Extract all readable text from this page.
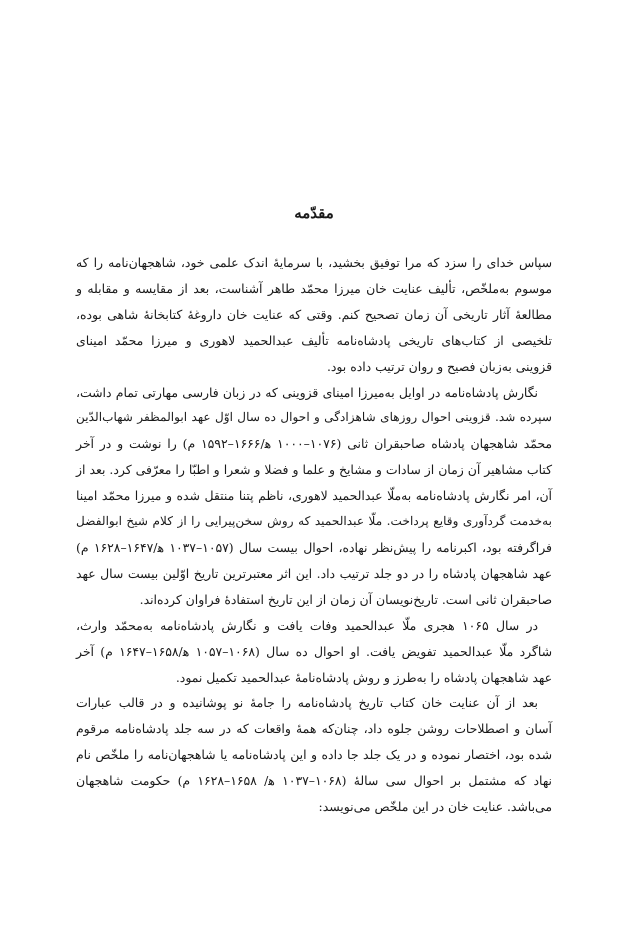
مقدّمه
سپاس خدای را سزد که مرا توفیق بخشید، با سرمایهٔ اندک علمی خود، شاهجهان‌نامه را که
موسوم به‌ملخّص، تألیف عنایت خان میرزا محمّد طاهر آشناست، بعد از مقایسه و مقابله و
مطالعهٔ آثار تاریخی آن زمان تصحیح کنم. وقتی که عنایت خان داروغهٔ کتابخانهٔ شاهی بوده،
تلخیصی از کتاب‌های تاریخی پادشاه‌نامه تألیف عبدالحمید لاهوری و میرزا محمّد امینای
قزوینی به‌زبان فصیح و روان ترتیب داده بود.
نگارش پادشاه‌نامه در اوایل به‌میرزا امینای قزوینی که در زبان فارسی مهارتی تمام داشت،
سپرده شد. قزوینی احوال روزهای شاهزادگی و احوال ده سال اوّل عهد ابوالمظفر شهاب‌الدّین
محمّد شاهجهان پادشاه صاحبقران ثانی (۱۰۷۶–۱۰۰۰ ه‍/۱۶۶۶–۱۵۹۲ م) را نوشت و در آخر
کتاب مشاهیر آن زمان از سادات و مشایخ و علما و فضلا و شعرا و اطبّا را معرّفی کرد. بعد از
آن، امر نگارش پادشاه‌نامه به‌ملّا عبدالحمید لاهوری، ناظم پتنا منتقل شده و میرزا محمّد امینا
به‌خدمت گردآوری وقایع پرداخت. ملّا عبدالحمید که روش سخن‌پیرایی را از کلام شیخ ابوالفضل
فراگرفته بود، اکبرنامه را پیش‌نظر نهاده، احوال بیست سال (۱۰۵۷–۱۰۳۷ ه‍/۱۶۴۷–۱۶۲۸ م)
عهد شاهجهان پادشاه را در دو جلد ترتیب داد. این اثر معتبرترین تاریخ اوّلین بیست سال عهد
صاحبقران ثانی است. تاریخ‌نویسان آن زمان از این تاریخ استفادهٔ فراوان کرده‌اند.
در سال ۱۰۶۵ هجری ملّا عبدالحمید وفات یافت و نگارش پادشاه‌نامه به‌محمّد وارث،
شاگرد ملّا عبدالحمید تفویض یافت. او احوال ده سال (۱۰۶۸–۱۰۵۷ ه‍/۱۶۵۸–۱۶۴۷ م) آخر
عهد شاهجهان پادشاه را به‌طرز و روش پادشاه‌نامهٔ عبدالحمید تکمیل نمود.
بعد از آن عنایت خان کتاب تاریخ پادشاه‌نامه را جامهٔ نو پوشانیده و در قالب عبارات
آسان و اصطلاحات روشن جلوه داد، چنان‌که همهٔ واقعات که در سه جلد پادشاه‌نامه مرقوم
شده بود، اختصار نموده و در یک جلد جا داده و این پادشاه‌نامه یا شاهجهان‌نامه را ملخّص نام
نهاد که مشتمل بر احوال سی سالهٔ (۱۰۶۸–۱۰۳۷ ه‍/ ۱۶۵۸–۱۶۲۸ م) حکومت شاهجهان
می‌باشد. عنایت خان در این ملخّص می‌نویسد:
